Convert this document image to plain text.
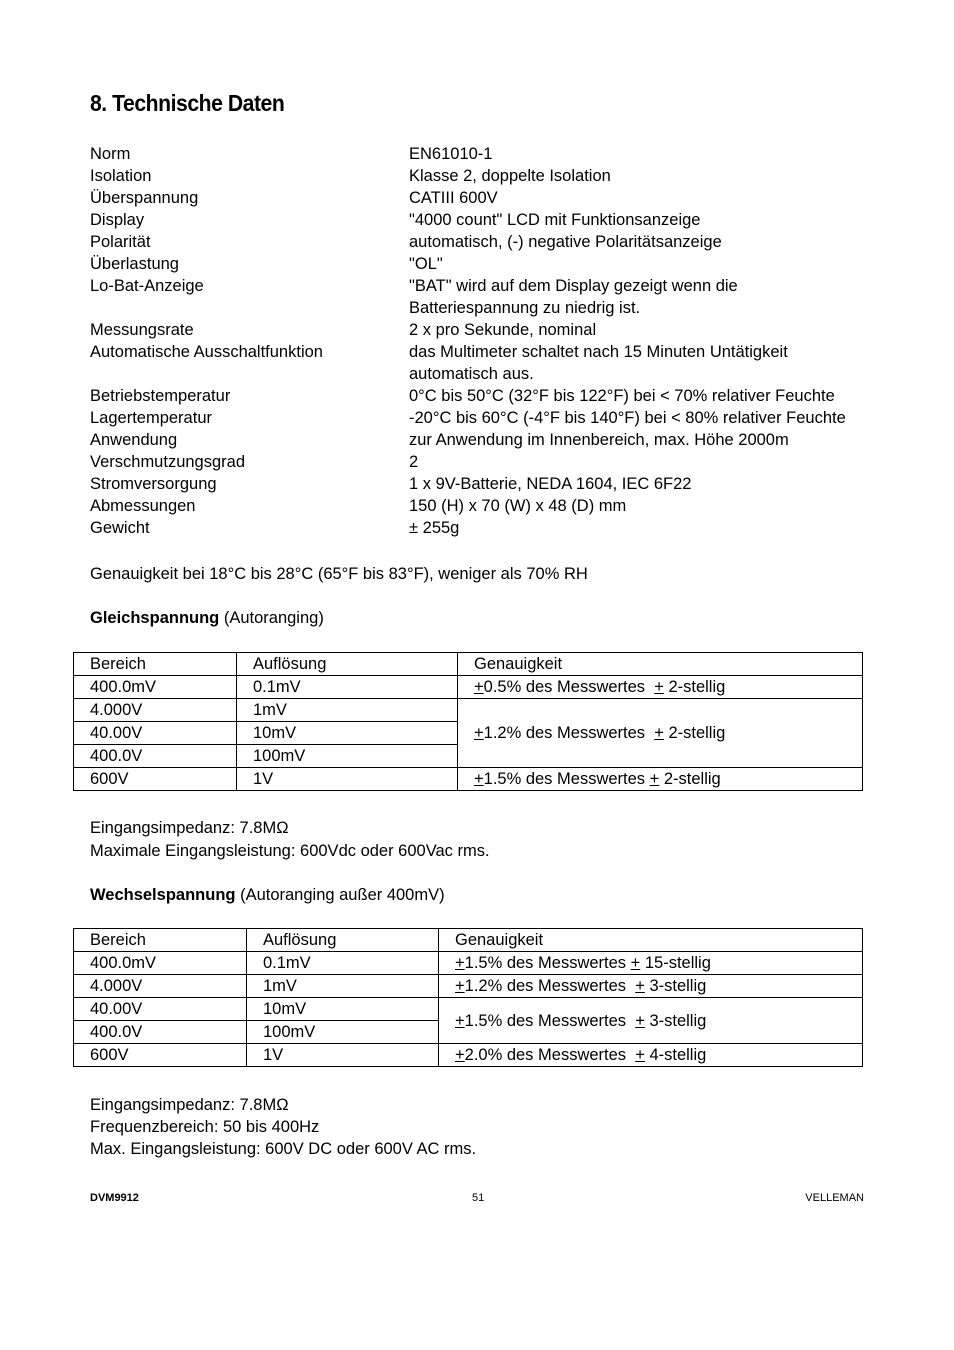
8. Technische Daten
Norm	EN61010-1
Isolation	Klasse 2, doppelte Isolation
Überspannung	CATIII 600V
Display	"4000 count" LCD mit Funktionsanzeige
Polarität	automatisch, (-) negative Polaritätsanzeige
Überlastung	"OL"
Lo-Bat-Anzeige	"BAT" wird auf dem Display gezeigt wenn die Batteriespannung zu niedrig ist.
Messungsrate	2 x pro Sekunde, nominal
Automatische Ausschaltfunktion	das Multimeter schaltet nach 15 Minuten Untätigkeit automatisch aus.
Betriebstemperatur	0°C bis 50°C (32°F bis 122°F) bei < 70% relativer Feuchte
Lagertemperatur	-20°C bis 60°C (-4°F bis 140°F) bei < 80% relativer Feuchte
Anwendung	zur Anwendung im Innenbereich, max. Höhe 2000m
Verschmutzungsgrad	2
Stromversorgung	1 x 9V-Batterie, NEDA 1604, IEC 6F22
Abmessungen	150 (H) x 70 (W) x 48 (D) mm
Gewicht	± 255g
Genauigkeit bei 18°C bis 28°C (65°F bis 83°F), weniger als 70% RH
Gleichspannung (Autoranging)
Bereich	Auflösung	Genauigkeit
400.0mV	0.1mV	+0.5% des Messwertes  + 2-stellig
4.000V	1mV	+1.2% des Messwertes  + 2-stellig
40.00V	10mV	
400.0V	100mV	
600V	1V	+1.5% des Messwertes + 2-stellig
Eingangsimpedanz: 7.8MΩ
Maximale Eingangsleistung: 600Vdc oder 600Vac rms.
Wechselspannung (Autoranging außer 400mV)
Bereich	Auflösung	Genauigkeit
400.0mV	0.1mV	+1.5% des Messwertes + 15-stellig
4.000V	1mV	+1.2% des Messwertes  + 3-stellig
40.00V	10mV	+1.5% des Messwertes  + 3-stellig
400.0V	100mV	
600V	1V	+2.0% des Messwertes  + 4-stellig
Eingangsimpedanz: 7.8MΩ
Frequenzbereich: 50 bis 400Hz
Max. Eingangsleistung: 600V DC oder 600V AC rms.
DVM9912	51	VELLEMAN
